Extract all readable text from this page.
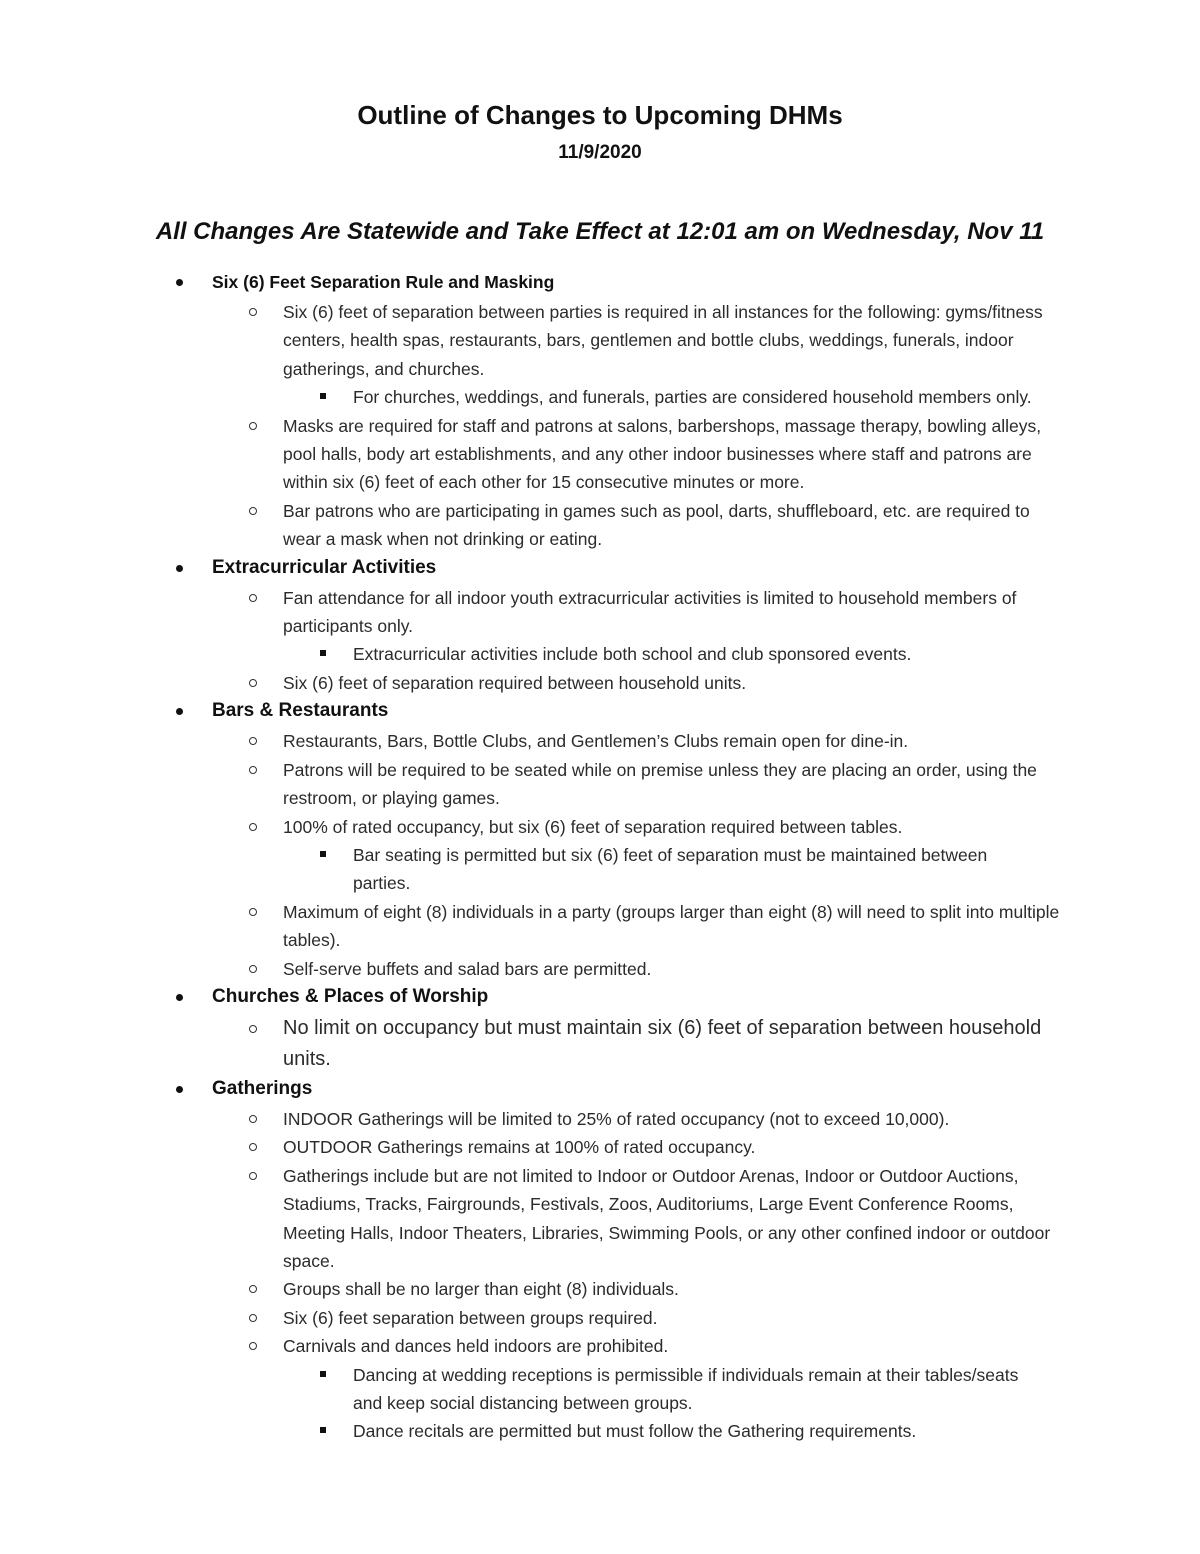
Outline of Changes to Upcoming DHMs
11/9/2020
All Changes Are Statewide and Take Effect at 12:01 am on Wednesday, Nov 11
Six (6) Feet Separation Rule and Masking
Six (6) feet of separation between parties is required in all instances for the following: gyms/fitness centers, health spas, restaurants, bars, gentlemen and bottle clubs, weddings, funerals, indoor gatherings, and churches.
For churches, weddings, and funerals, parties are considered household members only.
Masks are required for staff and patrons at salons, barbershops, massage therapy, bowling alleys, pool halls, body art establishments, and any other indoor businesses where staff and patrons are within six (6) feet of each other for 15 consecutive minutes or more.
Bar patrons who are participating in games such as pool, darts, shuffleboard, etc. are required to wear a mask when not drinking or eating.
Extracurricular Activities
Fan attendance for all indoor youth extracurricular activities is limited to household members of participants only.
Extracurricular activities include both school and club sponsored events.
Six (6) feet of separation required between household units.
Bars & Restaurants
Restaurants, Bars, Bottle Clubs, and Gentlemen’s Clubs remain open for dine-in.
Patrons will be required to be seated while on premise unless they are placing an order, using the restroom, or playing games.
100% of rated occupancy, but six (6) feet of separation required between tables.
Bar seating is permitted but six (6) feet of separation must be maintained between parties.
Maximum of eight (8) individuals in a party (groups larger than eight (8) will need to split into multiple tables).
Self-serve buffets and salad bars are permitted.
Churches & Places of Worship
No limit on occupancy but must maintain six (6) feet of separation between household units.
Gatherings
INDOOR Gatherings will be limited to 25% of rated occupancy (not to exceed 10,000).
OUTDOOR Gatherings remains at 100% of rated occupancy.
Gatherings include but are not limited to Indoor or Outdoor Arenas, Indoor or Outdoor Auctions, Stadiums, Tracks, Fairgrounds, Festivals, Zoos, Auditoriums, Large Event Conference Rooms, Meeting Halls, Indoor Theaters, Libraries, Swimming Pools, or any other confined indoor or outdoor space.
Groups shall be no larger than eight (8) individuals.
Six (6) feet separation between groups required.
Carnivals and dances held indoors are prohibited.
Dancing at wedding receptions is permissible if individuals remain at their tables/seats and keep social distancing between groups.
Dance recitals are permitted but must follow the Gathering requirements.
